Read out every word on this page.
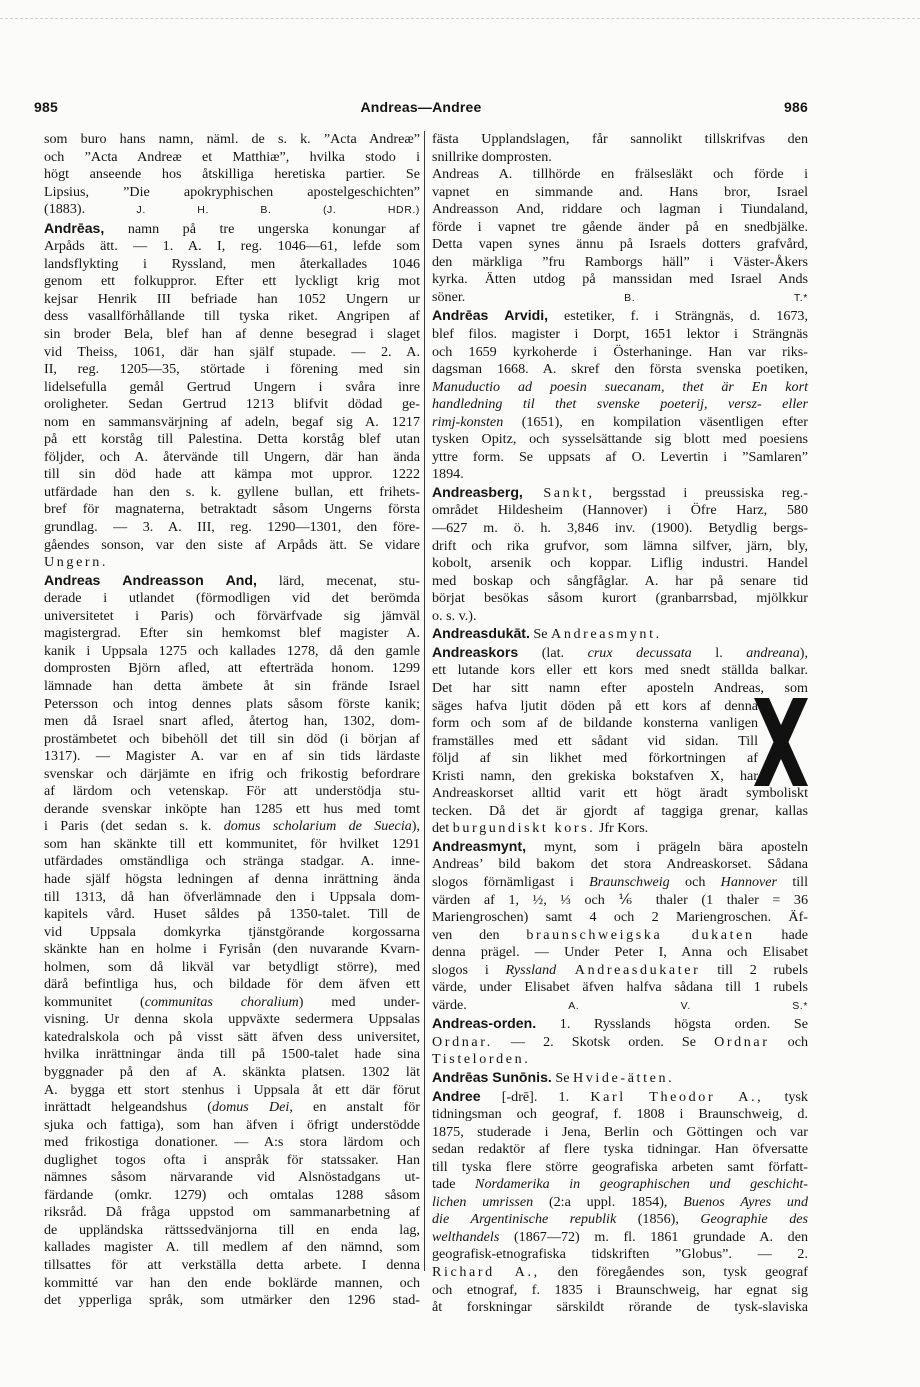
985	Andreas—Andree	986
som buro hans namn, näml. de s. k. ”Acta Andreæ”
och ”Acta Andreæ et Matthiæ”, hvilka stodo i
högt anseende hos åtskilliga heretiska partier. Se
Lipsius, ”Die apokryphischen apostelgeschichten”
(1883).	J. H. B. (J. HDR.)
Andrēas, namn på tre ungerska konungar af
Arpåds ätt. — 1. A. I, reg. 1046—61, lefde som
landsflykting i Ryssland, men återkallades 1046
genom ett folkuppror. Efter ett lyckligt krig mot
kejsar Henrik III befriade han 1052 Ungern ur
dess vasallförhållande till tyska riket. Angripen af
sin broder Bela, blef han af denne besegrad i slaget
vid Theiss, 1061, där han själf stupade. — 2. A.
II, reg. 1205—35, störtade i förening med sin
lidelsefulla gemål Gertrud Ungern i svåra inre
oroligheter. Sedan Gertrud 1213 blifvit dödad ge-
nom en sammansvärjning af adeln, begaf sig A. 1217
på ett korståg till Palestina. Detta korståg blef utan
följder, och A. återvände till Ungern, där han ända
till sin död hade att kämpa mot uppror. 1222
utfärdade han den s. k. gyllene bullan, ett frihets-
bref för magnaterna, betraktadt såsom Ungerns första
grundlag. — 3. A. III, reg. 1290—1301, den före-
gåendes sonson, var den siste af Arpåds ätt. Se vidare
Ungern.
Andreas Andreasson And, lärd, mecenat, stu-
derade i utlandet (förmodligen vid det berömda
universitetet i Paris) och förvärfvade sig jämväl
magistergrad. Efter sin hemkomst blef magister A.
kanik i Uppsala 1275 och kallades 1278, då den gamle
domprosten Björn afled, att efterträda honom. 1299
lämnade han detta ämbete åt sin frände Israel
Petersson och intog dennes plats såsom förste kanik;
men då Israel snart afled, återtog han, 1302, dom-
prostämbetet och bibehöll det till sin död (i början af
1317). — Magister A. var en af sin tids lärdaste
svenskar och därjämte en ifrig och frikostig befordrare
af lärdom och vetenskap. För att understödja stu-
derande svenskar inköpte han 1285 ett hus med tomt
i Paris (det sedan s. k. domus scholarium de Suecia),
som han skänkte till ett kommunitet, för hvilket 1291
utfärdades omständliga och stränga stadgar. A. inne-
hade själf högsta ledningen af denna inrättning ända
till 1313, då han öfverlämnade den i Uppsala dom-
kapitels vård. Huset såldes på 1350-talet. Till de
vid Uppsala domkyrka tjänstgörande korgossarna
skänkte han en holme i Fyrisån (den nuvarande Kvarn-
holmen, som då likväl var betydligt större), med
därå befintliga hus, och bildade för dem äfven ett
kommunitet (communitas choralium) med under-
visning. Ur denna skola uppväxte sedermera Uppsalas
katedralskola och på visst sätt äfven dess universitet,
hvilka inrättningar ända till på 1500-talet hade sina
byggnader på den af A. skänkta platsen. 1302 lät
A. bygga ett stort stenhus i Uppsala åt ett där förut
inrättadt helgeandshus (domus Dei, en anstalt för
sjuka och fattiga), som han äfven i öfrigt understödde
med frikostiga donationer. — A:s stora lärdom och
duglighet togos ofta i anspråk för statssaker. Han
nämnes såsom närvarande vid Alsnöstadgans ut-
färdande (omkr. 1279) och omtalas 1288 såsom
riksråd. Då fråga uppstod om sammanarbetning af
de uppländska rättssedvänjorna till en enda lag,
kallades magister A. till medlem af den nämnd, som
tillsattes för att verkställa detta arbete. I denna
kommitté var han den ende boklärde mannen, och
det ypperliga språk, som utmärker den 1296 stad-
fästa Upplandslagen, får sannolikt tillskrifvas den
snillrike domprosten.
Andreas A. tillhörde en frälsesläkt och förde i
vapnet en simmande and. Hans bror, Israel
Andreasson And, riddare och lagman i Tiundaland,
förde i vapnet tre gående änder på en snedbjälke.
Detta vapen synes ännu på Israels dotters grafvård,
den märkliga ”fru Ramborgs häll” i Väster-Åkers
kyrka. Ätten utdog på manssidan med Israel Ands
söner.	B. T.*
Andrēas Arvidi, estetiker, f. i Strängnäs, d. 1673,
blef filos. magister i Dorpt, 1651 lektor i Strängnäs
och 1659 kyrkoherde i Österhaninge. Han var riks-
dagsman 1668. A. skref den första svenska poetiken,
Manuductio ad poesin suecanam, thet är En kort
handledning til thet svenske poeterij, versz- eller
rimj-konsten (1651), en kompilation väsentligen efter
tysken Opitz, och sysselsättande sig blott med poesiens
yttre form. Se uppsats af O. Levertin i ”Samlaren”
1894.
Andreasberg, Sankt, bergsstad i preussiska reg.-
området Hildesheim (Hannover) i Öfre Harz, 580
—627 m. ö. h. 3,846 inv. (1900). Betydlig bergs-
drift och rika grufvor, som lämna silfver, järn, bly,
kobolt, arsenik och koppar. Liflig industri. Handel
med boskap och sångfåglar. A. har på senare tid
börjat besökas såsom kurort (granbarrsbad, mjölkkur
o. s. v.).
Andreasdukāt. Se Andreasmynt.
Andreaskors (lat. crux decussata l. andreana),
ett lutande kors eller ett kors med snedt ställda balkar.
Det har sitt namn efter aposteln Andreas, som
säges hafva ljutit döden på ett kors af denna
form och som af de bildande konsterna vanligen
framställes med ett sådant vid sidan. Till
följd af sin likhet med förkortningen af
Kristi namn, den grekiska bokstafven X, har
Andreaskorset alltid varit ett högt äradt symboliskt
tecken. Då det är gjordt af taggiga grenar, kallas
det burgundiskt kors. Jfr Kors.
Andreasmynt, mynt, som i prägeln bära aposteln
Andreas’ bild bakom det stora Andreaskorset. Sådana
slogos förnämligast i Braunschweig och Hannover till
värden af 1, ½, ⅓ och ⅙ thaler (1 thaler = 36
Mariengroschen) samt 4 och 2 Mariengroschen. Äf-
ven den braunschweigska dukaten hade
denna prägel. — Under Peter I, Anna och Elisabet
slogos i Ryssland Andreasdukater till 2 rubels
värde, under Elisabet äfven halfva sådana till 1 rubels
värde.	A. V. S.*
Andreas-orden. 1. Rysslands högsta orden. Se
Ordnar. — 2. Skotsk orden. Se Ordnar och
Tistelorden.
Andrēas Sunōnis. Se Hvide-ätten.
Andree [-drē]. 1. Karl Theodor A., tysk
tidningsman och geograf, f. 1808 i Braunschweig, d.
1875, studerade i Jena, Berlin och Göttingen och var
sedan redaktör af flere tyska tidningar. Han öfversatte
till tyska flere större geografiska arbeten samt författ-
tade Nordamerika in geographischen und geschicht-
lichen umrissen (2:a uppl. 1854), Buenos Ayres und
die Argentinische republik (1856), Geographie des
welthandels (1867—72) m. fl. 1861 grundade A. den
geografisk-etnografiska tidskriften ”Globus”. — 2.
Richard A., den föregåendes son, tysk geograf
och etnograf, f. 1835 i Braunschweig, har egnat sig
åt forskningar särskildt rörande de tysk-slaviska
